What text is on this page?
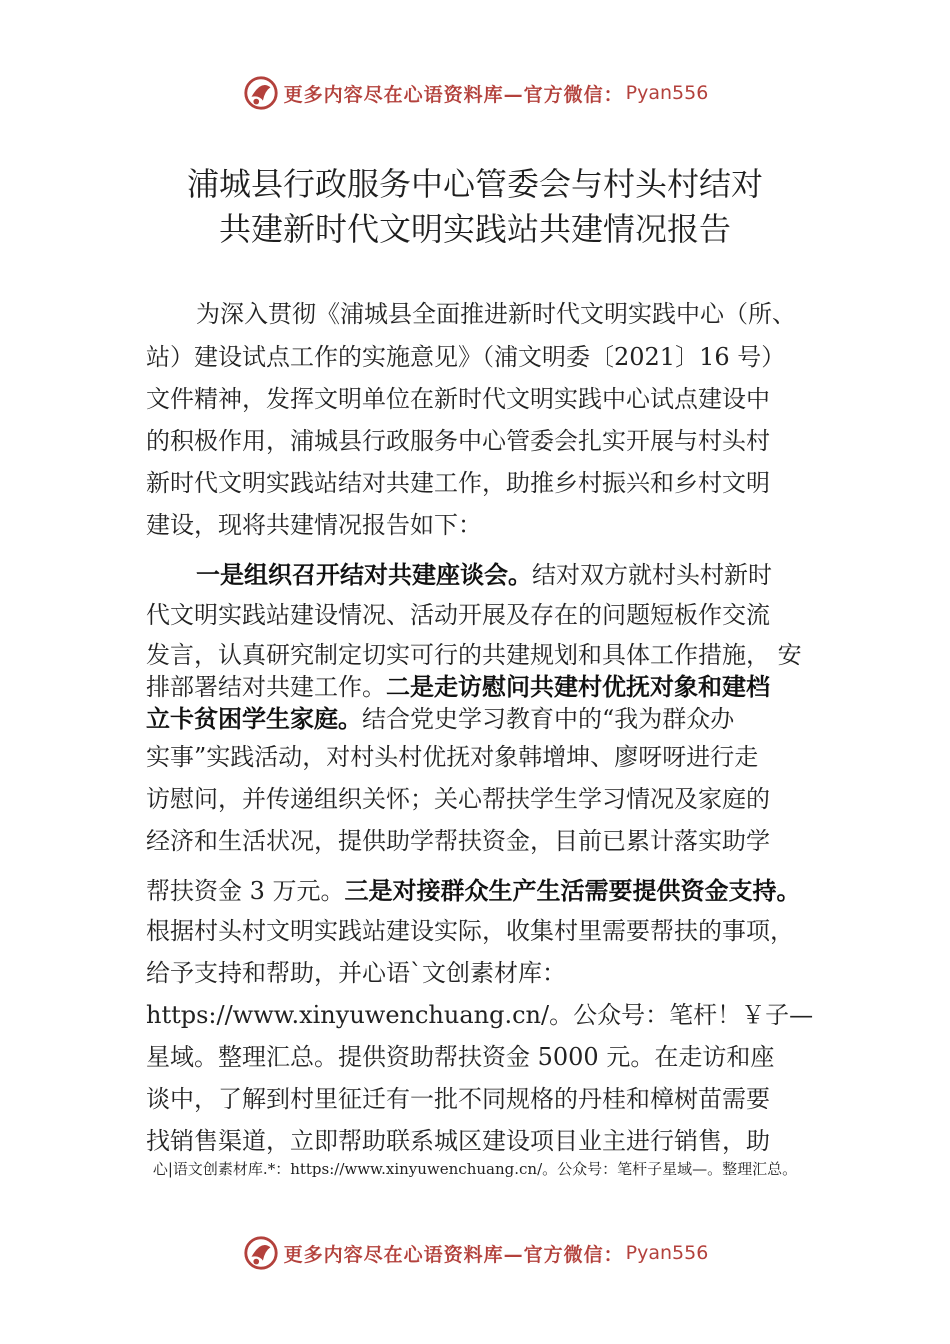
更多内容尽在心语资料库—官方微信： Pyan556
浦城县行政服务中心管委会与村头村结对
共建新时代文明实践站共建情况报告
为深入贯彻《浦城县全面推进新时代文明实践中心（所、
站）建设试点工作的实施意见》（浦文明委〔2021〕16 号）
文件精神，发挥文明单位在新时代文明实践中心试点建设中
的积极作用，浦城县行政服务中心管委会扎实开展与村头村
新时代文明实践站结对共建工作，助推乡村振兴和乡村文明
建设，现将共建情况报告如下：
一是组织召开结对共建座谈会。结对双方就村头村新时
代文明实践站建设情况、活动开展及存在的问题短板作交流
发言，认真研究制定切实可行的共建规划和具体工作措施， 安
排部署结对共建工作。二是走访慰问共建村优抚对象和建档
立卡贫困学生家庭。结合党史学习教育中的“我为群众办
实事”实践活动，对村头村优抚对象韩增坤、廖呀呀进行走
访慰问，并传递组织关怀；关心帮扶学生学习情况及家庭的
经济和生活状况，提供助学帮扶资金，目前已累计落实助学
帮扶资金 3 万元。三是对接群众生产生活需要提供资金支持。
根据村头村文明实践站建设实际，收集村里需要帮扶的事项，
给予支持和帮助，并心语`文创素材库：
https://www.xinyuwenchuang.cn/。公众号：笔杆！￥子—
星域。整理汇总。提供资助帮扶资金 5000 元。在走访和座
谈中，了解到村里征迁有一批不同规格的丹桂和樟树苗需要
找销售渠道，立即帮助联系城区建设项目业主进行销售，助
心|语文创素材库.*：https://www.xinyuwenchuang.cn/。公众号：笔杆子星域—。整理汇总。
更多内容尽在心语资料库—官方微信： Pyan556
